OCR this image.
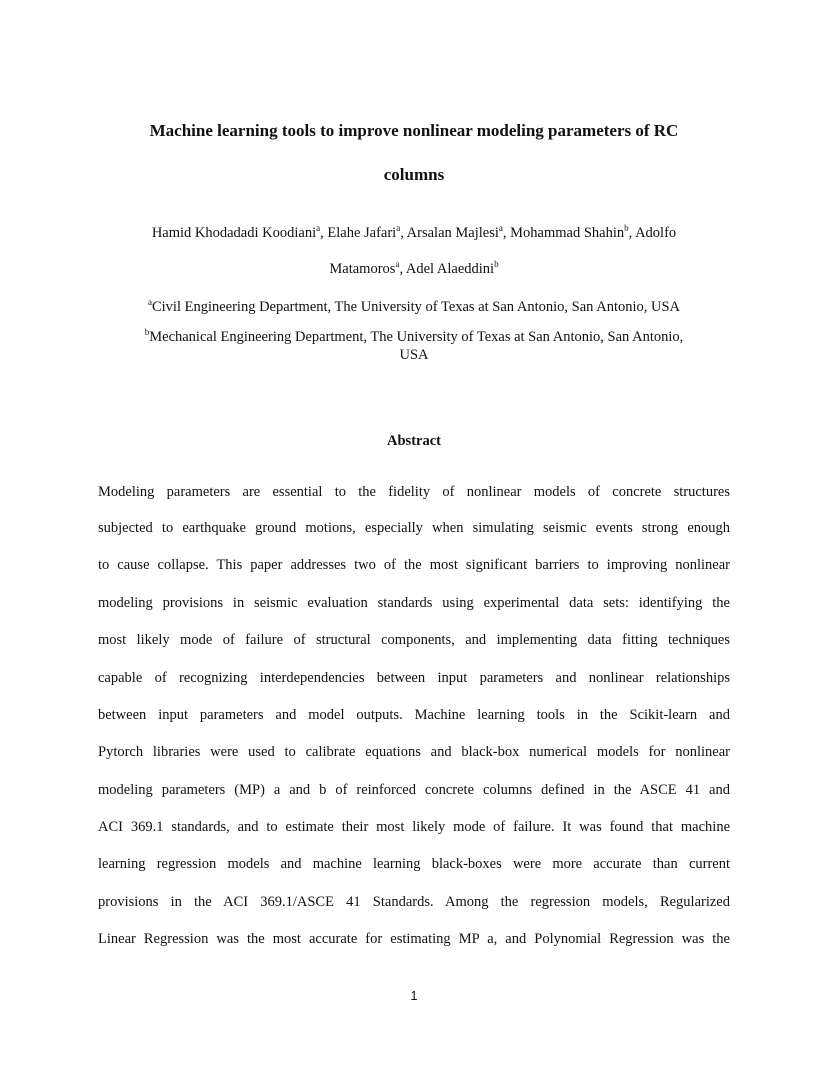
Machine learning tools to improve nonlinear modeling parameters of RC
columns
Hamid Khodadadi Koodiani$^a$, Elahe Jafari$^a$, Arsalan Majlesi$^a$, Mohammad Shahin$^b$, Adolfo
Matamoros$^a$, Adel Alaeddini$^b$
$^a$Civil Engineering Department, The University of Texas at San Antonio, San Antonio, USA
$^b$Mechanical Engineering Department, The University of Texas at San Antonio, San Antonio,
USA
Abstract
Modeling parameters are essential to the fidelity of nonlinear models of concrete structures
subjected to earthquake ground motions, especially when simulating seismic events strong enough
to cause collapse. This paper addresses two of the most significant barriers to improving nonlinear
modeling provisions in seismic evaluation standards using experimental data sets: identifying the
most likely mode of failure of structural components, and implementing data fitting techniques
capable of recognizing interdependencies between input parameters and nonlinear relationships
between input parameters and model outputs. Machine learning tools in the Scikit-learn and
Pytorch libraries were used to calibrate equations and black-box numerical models for nonlinear
modeling parameters (MP) a and b of reinforced concrete columns defined in the ASCE 41 and
ACI 369.1 standards, and to estimate their most likely mode of failure. It was found that machine
learning regression models and machine learning black-boxes were more accurate than current
provisions in the ACI 369.1/ASCE 41 Standards. Among the regression models, Regularized
Linear Regression was the most accurate for estimating MP a, and Polynomial Regression was the
1
